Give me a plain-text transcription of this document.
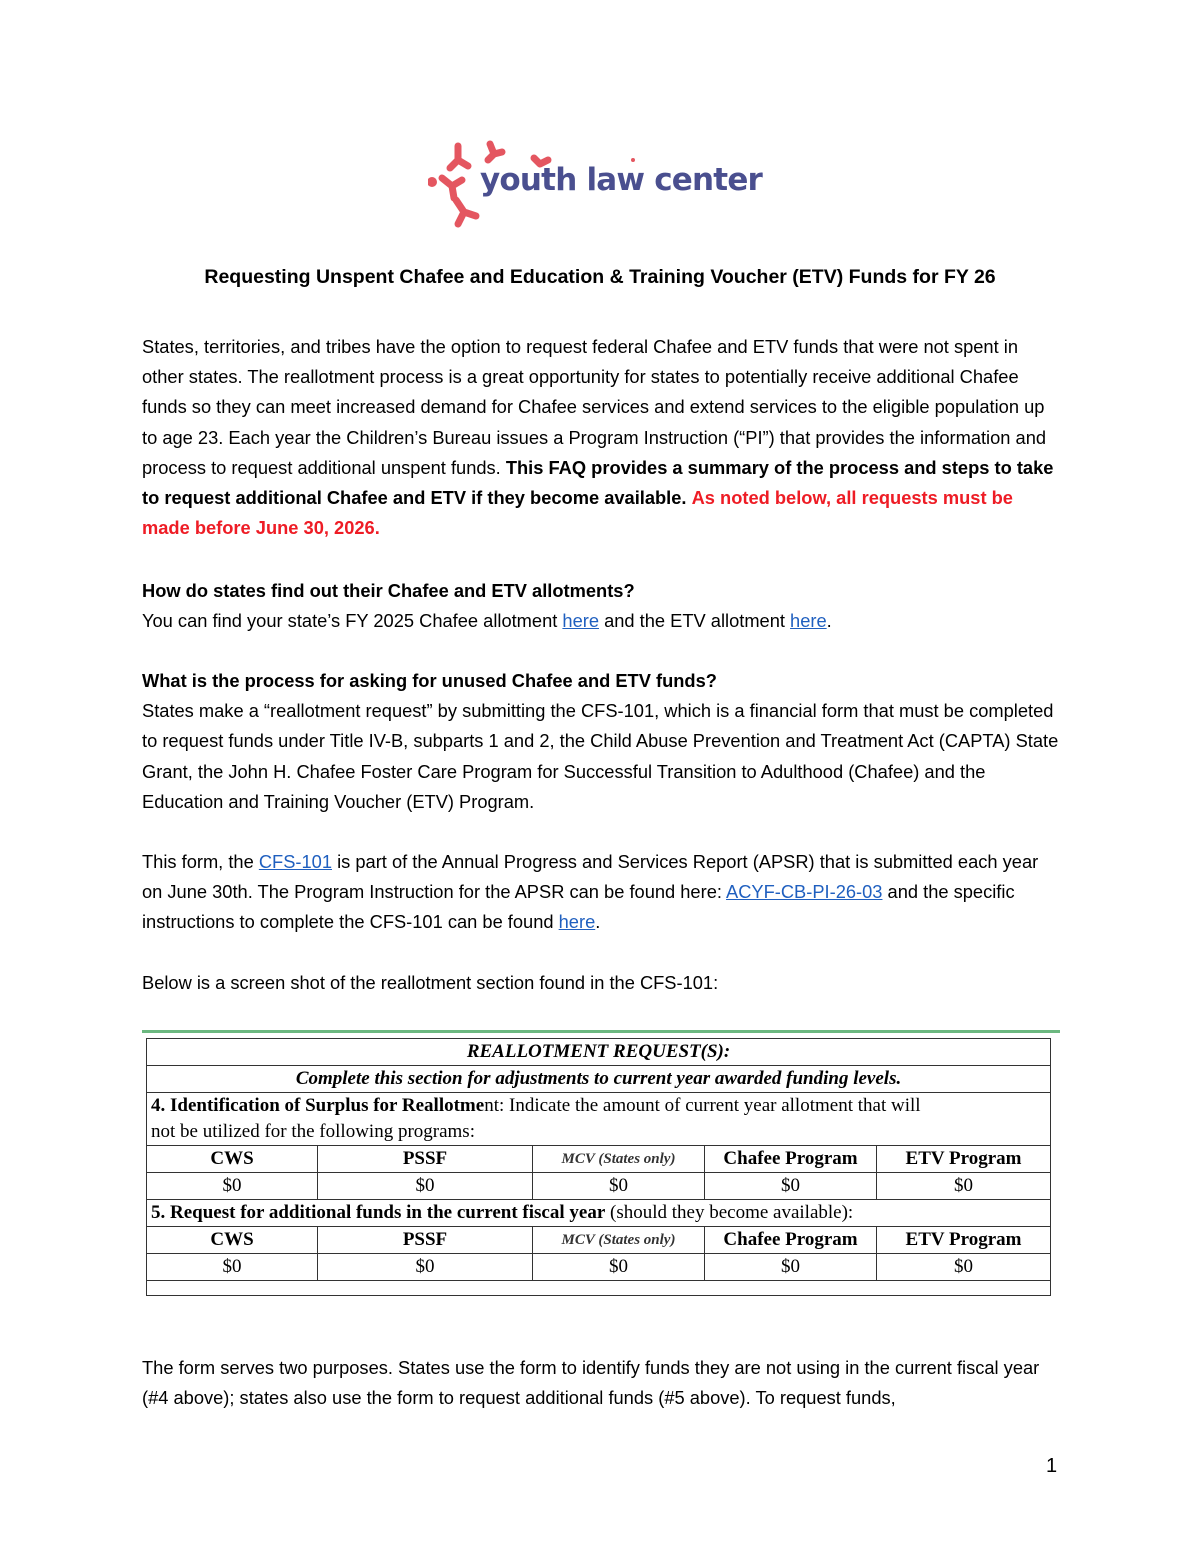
youth law center
Requesting Unspent Chafee and Education & Training Voucher (ETV) Funds for FY 26
States, territories, and tribes have the option to request federal Chafee and ETV funds that were not spent in other states. The reallotment process is a great opportunity for states to potentially receive additional Chafee funds so they can meet increased demand for Chafee services and extend services to the eligible population up to age 23. Each year the Children’s Bureau issues a Program Instruction (“PI”) that provides the information and process to request additional unspent funds. This FAQ provides a summary of the process and steps to take to request additional Chafee and ETV if they become available. As noted below, all requests must be made before June 30, 2026.
How do states find out their Chafee and ETV allotments?
You can find your state’s FY 2025 Chafee allotment here and the ETV allotment here.
What is the process for asking for unused Chafee and ETV funds?
States make a “reallotment request” by submitting the CFS-101, which is a financial form that must be completed to request funds under Title IV-B, subparts 1 and 2, the Child Abuse Prevention and Treatment Act (CAPTA) State Grant, the John H. Chafee Foster Care Program for Successful Transition to Adulthood (Chafee) and the Education and Training Voucher (ETV) Program.
This form, the CFS-101 is part of the Annual Progress and Services Report (APSR) that is submitted each year on June 30th. The Program Instruction for the APSR can be found here: ACYF-CB-PI-26-03 and the specific instructions to complete the CFS-101 can be found here.
Below is a screen shot of the reallotment section found in the CFS-101:
REALLOTMENT REQUEST(S):				
Complete this section for adjustments to current year awarded funding levels.				
4. Identification of Surplus for Reallotment: Indicate the amount of current year allotment that will
not be utilized for the following programs:				
CWS	PSSF	MCV (States only)	Chafee Program	ETV Program
$0	$0	$0	$0	$0
5. Request for additional funds in the current fiscal year (should they become available):				
CWS	PSSF	MCV (States only)	Chafee Program	ETV Program
$0	$0	$0	$0	$0

The form serves two purposes. States use the form to identify funds they are not using in the current fiscal year (#4 above); states also use the form to request additional funds (#5 above). To request funds,
1
